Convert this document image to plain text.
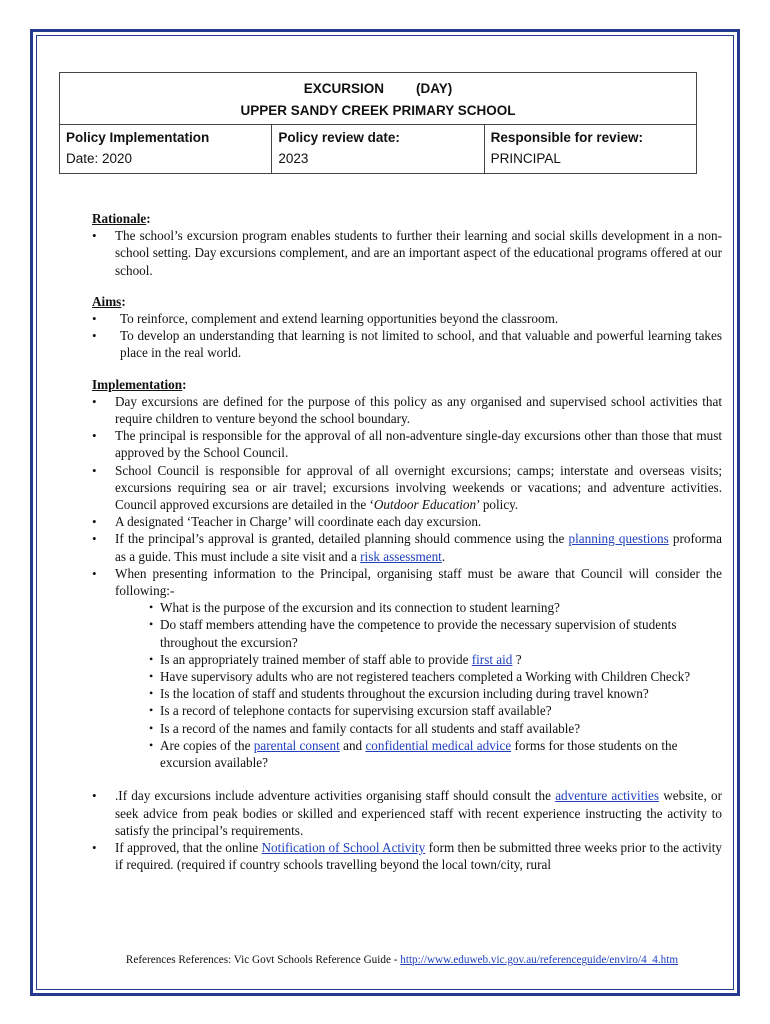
EXCURSION (DAY)
UPPER SANDY CREEK PRIMARY SCHOOL
Policy Implementation
Date: 2020
Policy review date:
2023
Responsible for review:
PRINCIPAL

Rationale:

• The school’s excursion program enables students to further their learning and social skills development in a non-school setting. Day excursions complement, and are an important aspect of the educational programs offered at our school.

Aims:

• To reinforce, complement and extend learning opportunities beyond the classroom.
• To develop an understanding that learning is not limited to school, and that valuable and powerful learning takes place in the real world.

Implementation:

• Day excursions are defined for the purpose of this policy as any organised and supervised school activities that require children to venture beyond the school boundary.
• The principal is responsible for the approval of all non-adventure single-day excursions other than those that must approved by the School Council.
• School Council is responsible for approval of all overnight excursions; camps; interstate and overseas visits; excursions requiring sea or air travel; excursions involving weekends or vacations; and adventure activities. Council approved excursions are detailed in the ‘Outdoor Education’ policy.
• A designated ‘Teacher in Charge’ will coordinate each day excursion.
• If the principal’s approval is granted, detailed planning should commence using the planning questions proforma as a guide. This must include a site visit and a risk assessment.
• When presenting information to the Principal, organising staff must be aware that Council will consider the following:-
• What is the purpose of the excursion and its connection to student learning?
• Do staff members attending have the competence to provide the necessary supervision of students throughout the excursion?
• Is an appropriately trained member of staff able to provide first aid ?
• Have supervisory adults who are not registered teachers completed a Working with Children Check?
• Is the location of staff and students throughout the excursion including during travel known?
• Is a record of telephone contacts for supervising excursion staff available?
• Is a record of the names and family contacts for all students and staff available?
• Are copies of the parental consent and confidential medical advice forms for those students on the excursion available?
• .If day excursions include adventure activities organising staff should consult the adventure activities website, or seek advice from peak bodies or skilled and experienced staff with recent experience instructing the activity to satisfy the principal’s requirements.
• If approved, that the online Notification of School Activity form then be submitted three weeks prior to the activity if required. (required if country schools travelling beyond the local town/city, rural
References References: Vic Govt Schools Reference Guide - http://www.eduweb.vic.gov.au/referenceguide/enviro/4_4.htm
